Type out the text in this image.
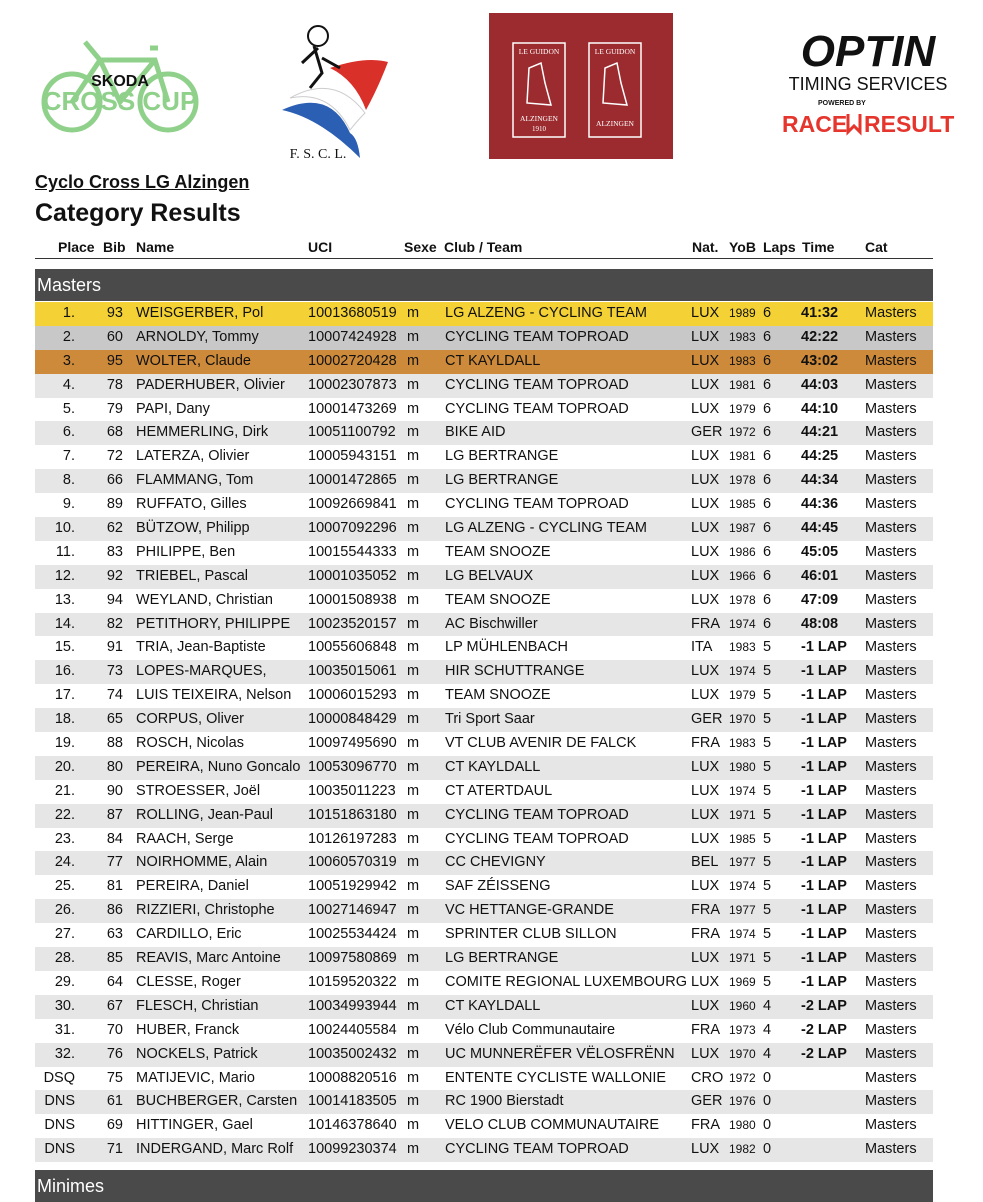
SKODA
CROSS CUP
F. S. C. L.
LE GUIDON	LE GUIDON
ALZINGEN
1910
ALZINGEN
OPTIN
TIMING SERVICES
POWERED BY
RACE RESULT
Cyclo Cross LG Alzingen
Category Results
Place Bib Name	UCI	Sexe Club / Team	Nat. YoB Laps Time Cat
Masters
1.	93 WEISGERBER, Pol	10013680519 m LG ALZENG - CYCLING TEAM	LUX 1989 6 41:32 Masters
2.	60 ARNOLDY, Tommy	10007424928 m CYCLING TEAM TOPROAD	LUX 1983 6 42:22 Masters
3.	95 WOLTER, Claude	10002720428 m CT KAYLDALL	LUX 1983 6 43:02 Masters
4.	78 PADERHUBER, Olivier	10002307873 m CYCLING TEAM TOPROAD	LUX 1981 6 44:03 Masters
5.	79 PAPI, Dany	10001473269 m CYCLING TEAM TOPROAD	LUX 1979 6 44:10 Masters
6.	68 HEMMERLING, Dirk	10051100792 m BIKE AID	GER 1972 6 44:21 Masters
7.	72 LATERZA, Olivier	10005943151 m LG BERTRANGE	LUX 1981 6 44:25 Masters
8.	66 FLAMMANG, Tom	10001472865 m LG BERTRANGE	LUX 1978 6 44:34 Masters
9.	89 RUFFATO, Gilles	10092669841 m CYCLING TEAM TOPROAD	LUX 1985 6 44:36 Masters
10.	62 BÜTZOW, Philipp	10007092296 m LG ALZENG - CYCLING TEAM	LUX 1987 6 44:45 Masters
11.	83 PHILIPPE, Ben	10015544333 m TEAM SNOOZE	LUX 1986 6 45:05 Masters
12.	92 TRIEBEL, Pascal	10001035052 m LG BELVAUX	LUX 1966 6 46:01 Masters
13.	94 WEYLAND, Christian	10001508938 m TEAM SNOOZE	LUX 1978 6 47:09 Masters
14.	82 PETITHORY, PHILIPPE	10023520157 m AC Bischwiller	FRA 1974 6 48:08 Masters
15.	91 TRIA, Jean-Baptiste	10055606848 m LP MÜHLENBACH	ITA 1983 5 -1 LAP Masters
16.	73 LOPES-MARQUES,	10035015061 m HIR SCHUTTRANGE	LUX 1974 5 -1 LAP Masters
17.	74 LUIS TEIXEIRA, Nelson	10006015293 m TEAM SNOOZE	LUX 1979 5 -1 LAP Masters
18.	65 CORPUS, Oliver	10000848429 m Tri Sport Saar	GER 1970 5 -1 LAP Masters
19.	88 ROSCH, Nicolas	10097495690 m VT CLUB AVENIR DE FALCK	FRA 1983 5 -1 LAP Masters
20.	80 PEREIRA, Nuno Goncalo 10053096770 m CT KAYLDALL	LUX 1980 5 -1 LAP Masters
21.	90 STROESSER, Joël	10035011223 m CT ATERTDAUL	LUX 1974 5 -1 LAP Masters
22.	87 ROLLING, Jean-Paul	10151863180 m CYCLING TEAM TOPROAD	LUX 1971 5 -1 LAP Masters
23.	84 RAACH, Serge	10126197283 m CYCLING TEAM TOPROAD	LUX 1985 5 -1 LAP Masters
24.	77 NOIRHOMME, Alain	10060570319 m CC CHEVIGNY	BEL 1977 5 -1 LAP Masters
25.	81 PEREIRA, Daniel	10051929942 m SAF ZÉISSENG	LUX 1974 5 -1 LAP Masters
26.	86 RIZZIERI, Christophe	10027146947 m VC HETTANGE-GRANDE	FRA 1977 5 -1 LAP Masters
27.	63 CARDILLO, Eric	10025534424 m SPRINTER CLUB SILLON	FRA 1974 5 -1 LAP Masters
28.	85 REAVIS, Marc Antoine	10097580869 m LG BERTRANGE	LUX 1971 5 -1 LAP Masters
29.	64 CLESSE, Roger	10159520322 m COMITE REGIONAL LUXEMBOURG LUX 1969 5 -1 LAP Masters
30.	67 FLESCH, Christian	10034993944 m CT KAYLDALL	LUX 1960 4 -2 LAP Masters
31.	70 HUBER, Franck	10024405584 m Vélo Club Communautaire	FRA 1973 4 -2 LAP Masters
32.	76 NOCKELS, Patrick	10035002432 m UC MUNNERËFER VËLOSFRËNN	LUX 1970 4 -2 LAP Masters
DSQ	75 MATIJEVIC, Mario	10008820516 m ENTENTE CYCLISTE WALLONIE	CRO 1972 0	Masters
DNS	61 BUCHBERGER, Carsten 10014183505 m RC 1900 Bierstadt	GER 1976 0	Masters
DNS	69 HITTINGER, Gael	10146378640 m VELO CLUB COMMUNAUTAIRE	FRA 1980 0	Masters
DNS	71 INDERGAND, Marc Rolf	10099230374 m CYCLING TEAM TOPROAD	LUX 1982 0	Masters
Minimes
